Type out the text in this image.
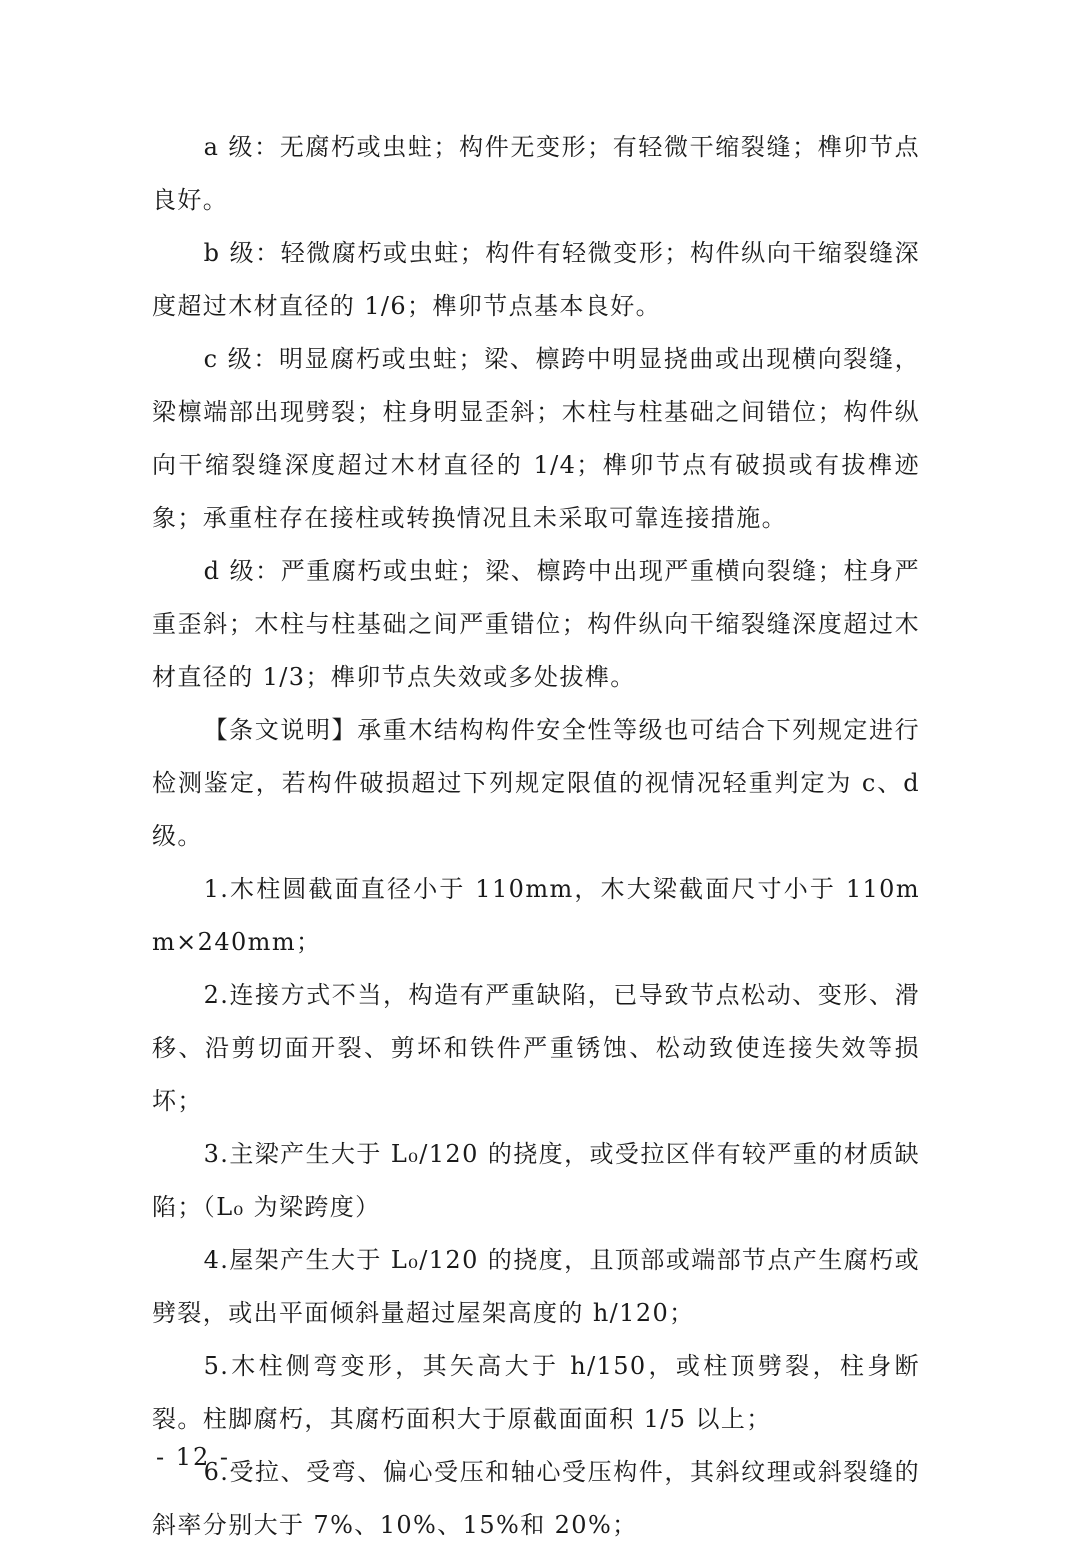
a 级：无腐朽或虫蛀；构件无变形；有轻微干缩裂缝；榫卯节点良好。

b 级：轻微腐朽或虫蛀；构件有轻微变形；构件纵向干缩裂缝深度超过木材直径的 1/6；榫卯节点基本良好。

c 级：明显腐朽或虫蛀；梁、檩跨中明显挠曲或出现横向裂缝，梁檩端部出现劈裂；柱身明显歪斜；木柱与柱基础之间错位；构件纵向干缩裂缝深度超过木材直径的 1/4；榫卯节点有破损或有拔榫迹象；承重柱存在接柱或转换情况且未采取可靠连接措施。

d 级：严重腐朽或虫蛀；梁、檩跨中出现严重横向裂缝；柱身严重歪斜；木柱与柱基础之间严重错位；构件纵向干缩裂缝深度超过木材直径的 1/3；榫卯节点失效或多处拔榫。

【条文说明】承重木结构构件安全性等级也可结合下列规定进行检测鉴定，若构件破损超过下列规定限值的视情况轻重判定为 c、d 级。

1.木柱圆截面直径小于 110mm，木大梁截面尺寸小于 110mm×240mm；

2.连接方式不当，构造有严重缺陷，已导致节点松动、变形、滑移、沿剪切面开裂、剪坏和铁件严重锈蚀、松动致使连接失效等损坏；

3.主梁产生大于 L₀/120 的挠度，或受拉区伴有较严重的材质缺陷；（L₀ 为梁跨度）

4.屋架产生大于 L₀/120 的挠度，且顶部或端部节点产生腐朽或劈裂，或出平面倾斜量超过屋架高度的 h/120；

5.木柱侧弯变形，其矢高大于 h/150，或柱顶劈裂，柱身断裂。柱脚腐朽，其腐朽面积大于原截面面积 1/5 以上；

6.受拉、受弯、偏心受压和轴心受压构件，其斜纹理或斜裂缝的斜率分别大于 7%、10%、15%和 20%；

- 12 -
